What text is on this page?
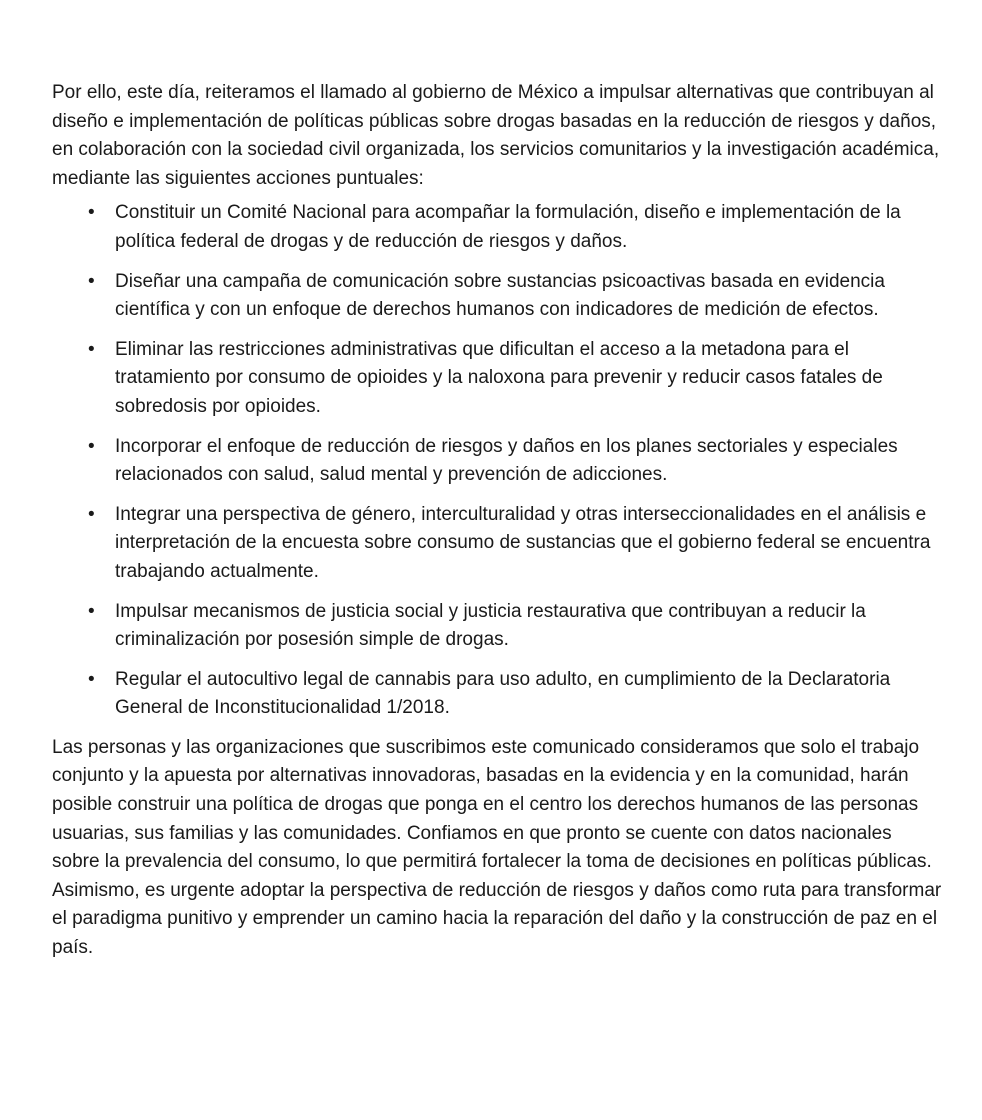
Por ello, este día, reiteramos el llamado al gobierno de México a impulsar alternativas que contribuyan al diseño e implementación de políticas públicas sobre drogas basadas en la reducción de riesgos y daños, en colaboración con la sociedad civil organizada, los servicios comunitarios y la investigación académica, mediante las siguientes acciones puntuales:

• Constituir un Comité Nacional para acompañar la formulación, diseño e implementación de la política federal de drogas y de reducción de riesgos y daños.
• Diseñar una campaña de comunicación sobre sustancias psicoactivas basada en evidencia científica y con un enfoque de derechos humanos con indicadores de medición de efectos.
• Eliminar las restricciones administrativas que dificultan el acceso a la metadona para el tratamiento por consumo de opioides y la naloxona para prevenir y reducir casos fatales de sobredosis por opioides.
• Incorporar el enfoque de reducción de riesgos y daños en los planes sectoriales y especiales relacionados con salud, salud mental y prevención de adicciones.
• Integrar una perspectiva de género, interculturalidad y otras interseccionalidades en el análisis e interpretación de la encuesta sobre consumo de sustancias que el gobierno federal se encuentra trabajando actualmente.
• Impulsar mecanismos de justicia social y justicia restaurativa que contribuyan a reducir la criminalización por posesión simple de drogas.
• Regular el autocultivo legal de cannabis para uso adulto, en cumplimiento de la Declaratoria General de Inconstitucionalidad 1/2018.

Las personas y las organizaciones que suscribimos este comunicado consideramos que solo el trabajo conjunto y la apuesta por alternativas innovadoras, basadas en la evidencia y en la comunidad, harán posible construir una política de drogas que ponga en el centro los derechos humanos de las personas usuarias, sus familias y las comunidades. Confiamos en que pronto se cuente con datos nacionales sobre la prevalencia del consumo, lo que permitirá fortalecer la toma de decisiones en políticas públicas. Asimismo, es urgente adoptar la perspectiva de reducción de riesgos y daños como ruta para transformar el paradigma punitivo y emprender un camino hacia la reparación del daño y la construcción de paz en el país.
